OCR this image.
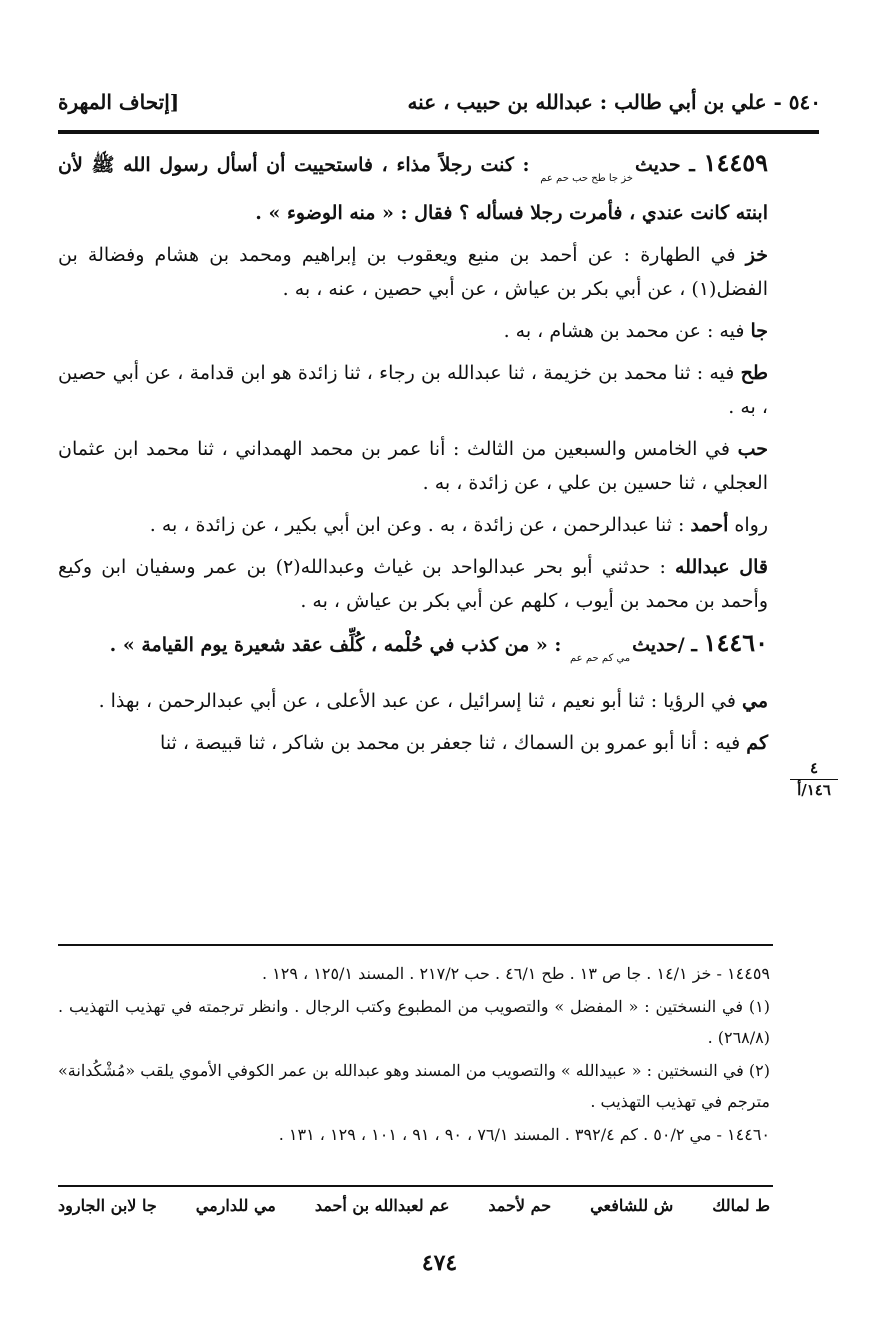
٥٤٠ - علي بن أبي طالب : عبدالله بن حبيب ، عنه
[إتحاف المهرة

١٤٤٥٩ ـ حديثخز جا طح حب حم عم : كنت رجلاً مذاء ، فاستحييت أن أسأل رسول الله ﷺ لأن ابنته كانت عندي ، فأمرت رجلا فسأله ؟ فقال : « منه الوضوء » .

خز في الطهارة : عن أحمد بن منيع ويعقوب بن إبراهيم ومحمد بن هشام وفضالة بن الفضل(١) ، عن أبي بكر بن عياش ، عن أبي حصين ، عنه ، به .

جا فيه : عن محمد بن هشام ، به .

طح فيه : ثنا محمد بن خزيمة ، ثنا عبدالله بن رجاء ، ثنا زائدة هو ابن قدامة ، عن أبي حصين ، به .

حب في الخامس والسبعين من الثالث : أنا عمر بن محمد الهمداني ، ثنا محمد ابن عثمان العجلي ، ثنا حسين بن علي ، عن زائدة ، به .

رواه أحمد : ثنا عبدالرحمن ، عن زائدة ، به . وعن ابن أبي بكير ، عن زائدة ، به .

قال عبدالله : حدثني أبو بحر عبدالواحد بن غياث وعبدالله(٢) بن عمر وسفيان ابن وكيع وأحمد بن محمد بن أيوب ، كلهم عن أبي بكر بن عياش ، به .

١٤٤٦٠ ـ /حديثمي كم حم عم : « من كذب في حُلْمه ، كُلِّف عقد شعيرة يوم القيامة » .

مي في الرؤيا : ثنا أبو نعيم ، ثنا إسرائيل ، عن عبد الأعلى ، عن أبي عبدالرحمن ، بهذا .

كم فيه : أنا أبو عمرو بن السماك ، ثنا جعفر بن محمد بن شاكر ، ثنا قبيصة ، ثنا

٤
١٤٦/أ

١٤٤٥٩ - خز ١٤/١ . جا ص ١٣ . طح ٤٦/١ . حب ٢١٧/٢ . المسند ١٢٥/١ ، ١٢٩ .

(١) في النسختين : « المفضل » والتصويب من المطبوع وكتب الرجال . وانظر ترجمته في تهذيب التهذيب . (٢٦٨/٨) .

(٢) في النسختين : « عبيدالله » والتصويب من المسند وهو عبدالله بن عمر الكوفي الأموي يلقب «مُشْكُدانة» مترجم في تهذيب التهذيب .

١٤٤٦٠ - مي ٥٠/٢ . كم ٣٩٢/٤ . المسند ٧٦/١ ، ٩٠ ، ٩١ ، ١٠١ ، ١٢٩ ، ١٣١ .

ط لمالك
ش للشافعي
حم لأحمد
عم لعبدالله بن أحمد
مي للدارمي
جا لابن الجارود
٤٧٤
